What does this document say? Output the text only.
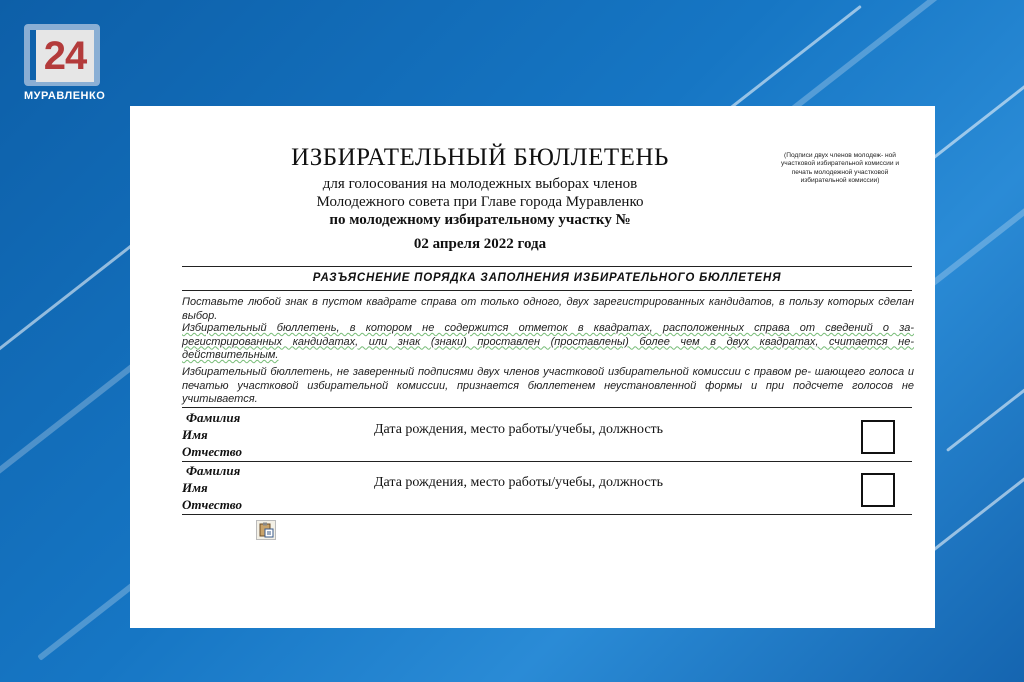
24
МУРАВЛЕНКО
ИЗБИРАТЕЛЬНЫЙ БЮЛЛЕТЕНЬ
для голосования на молодежных выборах членов
Молодежного совета при Главе города Муравленко
по молодежному избирательному участку №
02 апреля 2022 года
(Подписи двух членов молодеж- ной участковой избирательной комиссии и печать молодежной участковой избирательной комиссии)
РАЗЪЯСНЕНИЕ ПОРЯДКА ЗАПОЛНЕНИЯ ИЗБИРАТЕЛЬНОГО БЮЛЛЕТЕНЯ
Поставьте любой знак в пустом квадрате справа от только одного, двух зарегистрированных кандидатов, в пользу которых сделан выбор.
Избирательный бюллетень, в котором не содержится отметок в квадратах, расположенных справа от сведений о за- регистрированных кандидатах, или знак (знаки) проставлен (проставлены) более чем в двух квадратах, считается не- действительным.
Избирательный бюллетень, не заверенный подписями двух членов участковой избирательной комиссии с правом ре- шающего голоса и печатью участковой избирательной комиссии, признается бюллетенем неустановленной формы и при подсчете голосов не учитывается.
Фамилия
Имя
Отчество
Дата рождения, место работы/учебы, должность
Фамилия
Имя
Отчество
Дата рождения, место работы/учебы, должность
